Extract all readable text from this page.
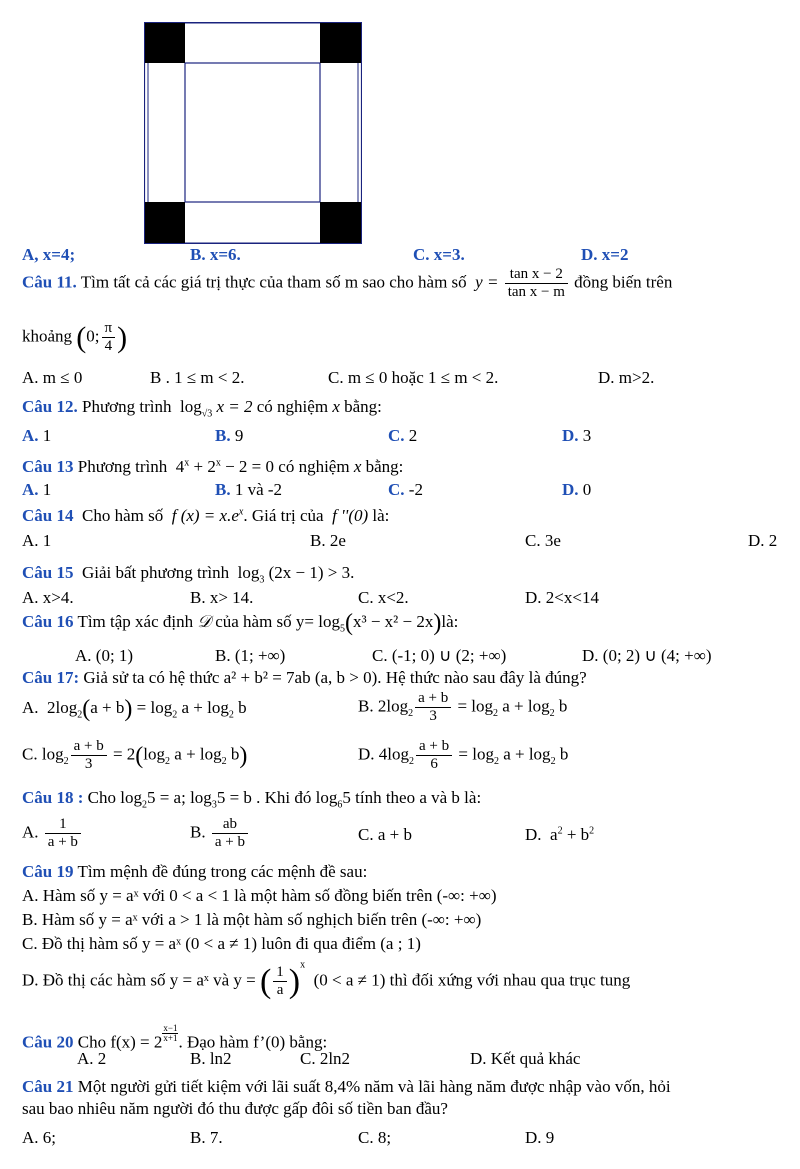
A, x=4;	B. x=6.	C. x=3.	D. x=2
Câu 11. Tìm tất cả các giá trị thực của tham số m sao cho hàm số $y = \frac{\text{tan x − 2}}{\text{tan x − m}}$ đồng biến trên
khoảng (0; $\frac{\pi}{4}$ )
A. m ≤ 0	B . 1 ≤ m < 2.	C. m ≤ 0 hoặc 1 ≤ m < 2.	D. m>2.
Câu 12. Phương trình $\log_{√3} x = 2$ có nghiệm x bằng:
A. 1	B. 9	C. 2	D. 3
Câu 13 Phương trình $4^x + 2^x - 2 = 0$ có nghiệm x bằng:
A. 1	B. 1 và -2	C. -2	D. 0
Câu 14 Cho hàm số f $(x) = x.e^x$. Giá trị của f ''(0) là:
A. 1	B. 2e	C. 3e	D. 2
Câu 15 Giải bất phương trình $\log_3 (2x - 1) > 3$.
A. x>4.	B. x> 14.	C. x<2.	D. 2<x<14
Câu 16 Tìm tập xác định 𝒟 của hàm số $y= \log_5(x^3 - x^2$ − 2x)là:
A. (0; 1)	B. (1; +∞)	C. (-1; 0) ∪ (2; +∞)	D. (0; 2) ∪ (4; +∞)
Câu 17: Giả sử ta có hệ thức a² + b² = 7ab (a, b > 0). Hệ thức nào sau đây là đúng?
A.  $2\log_2(a + b) = \log_2 a + \log_2 b$	B. $2\log_2 \frac{a + b}{3} = \log_2 a + \log_2 b$
C. $\log_2 \frac{a + b}{3} = 2(\log_2$ $a + \log_2 b$)	D. $4\log_2 \frac{a + b}{6} = \log_2 a + \log_2 b$
Câu 18 : Cho $\log_25 = a$; $\log_35 = b$ . Khi đó $\log_65$ tính theo a và b là:
A. $\frac{1}{a + b}$	B. $\frac{ab}{a + b}$	C. a + b	D.  $a^2 + b^2$
Câu 19 Tìm mệnh đề đúng trong các mệnh đề sau:
A. Hàm số y = aˣ với 0 < a < 1 là một hàm số đồng biến trên (-∞: +∞)
B. Hàm số y = aˣ với a > 1 là một hàm số nghịch biến trên (-∞: +∞)
C. Đồ thị hàm số y = aˣ (0 < a ≠ 1) luôn đi qua điểm (a ; 1)
D. Đồ thị các hàm số y = aˣ và y = ( $\frac{1}{a} )^x$  (0 < a ≠ 1) thì đối xứng với nhau qua trục tung
Câu 20 Cho $f(x) = 2 \frac{x-1}{x+1}$ . Đạo hàm f’(0) bằng:
A. 2	B. ln2	C. 2ln2	D. Kết quả khác
Câu 21 Một người gửi tiết kiệm với lãi suất 8,4% năm và lãi hàng năm được nhập vào vốn, hỏi
sau bao nhiêu năm người đó thu được gấp đôi số tiền ban đầu?
A. 6;	B. 7.	C. 8;	D. 9
